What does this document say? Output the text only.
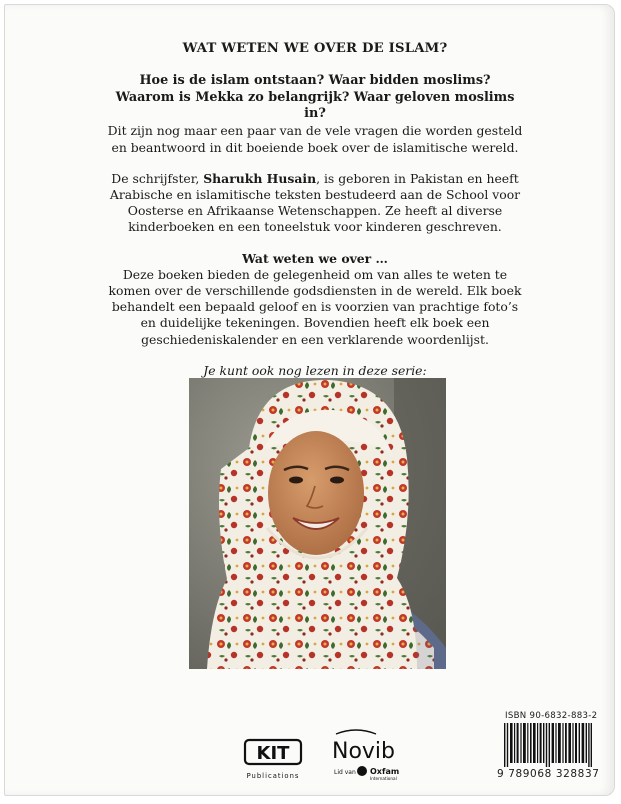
WAT WETEN WE OVER DE ISLAM?
Hoe is de islam ontstaan? Waar bidden moslims?
Waarom is Mekka zo belangrijk? Waar geloven moslims in?

Dit zijn nog maar een paar van de vele vragen die worden gesteld en beantwoord in dit boeiende boek over de islamitische wereld.

De schrijfster, Sharukh Husain, is geboren in Pakistan en heeft Arabische en islamitische teksten bestudeerd aan de School voor Oosterse en Afrikaanse Wetenschappen. Ze heeft al diverse kinderboeken en een toneelstuk voor kinderen geschreven.

Wat weten we over …

Deze boeken bieden de gelegenheid om van alles te weten te komen over de verschillende godsdiensten in de wereld. Elk boek behandelt een bepaald geloof en is voorzien van prachtige foto’s en duidelijke tekeningen. Bovendien heeft elk boek een geschiedeniskalender en een verklarende woordenlijst.

Je kunt ook nog lezen in deze serie:

KIT
Publications
Novib
Lid van Oxfam
International
ISBN 90-6832-883-2
9 789068 328837
